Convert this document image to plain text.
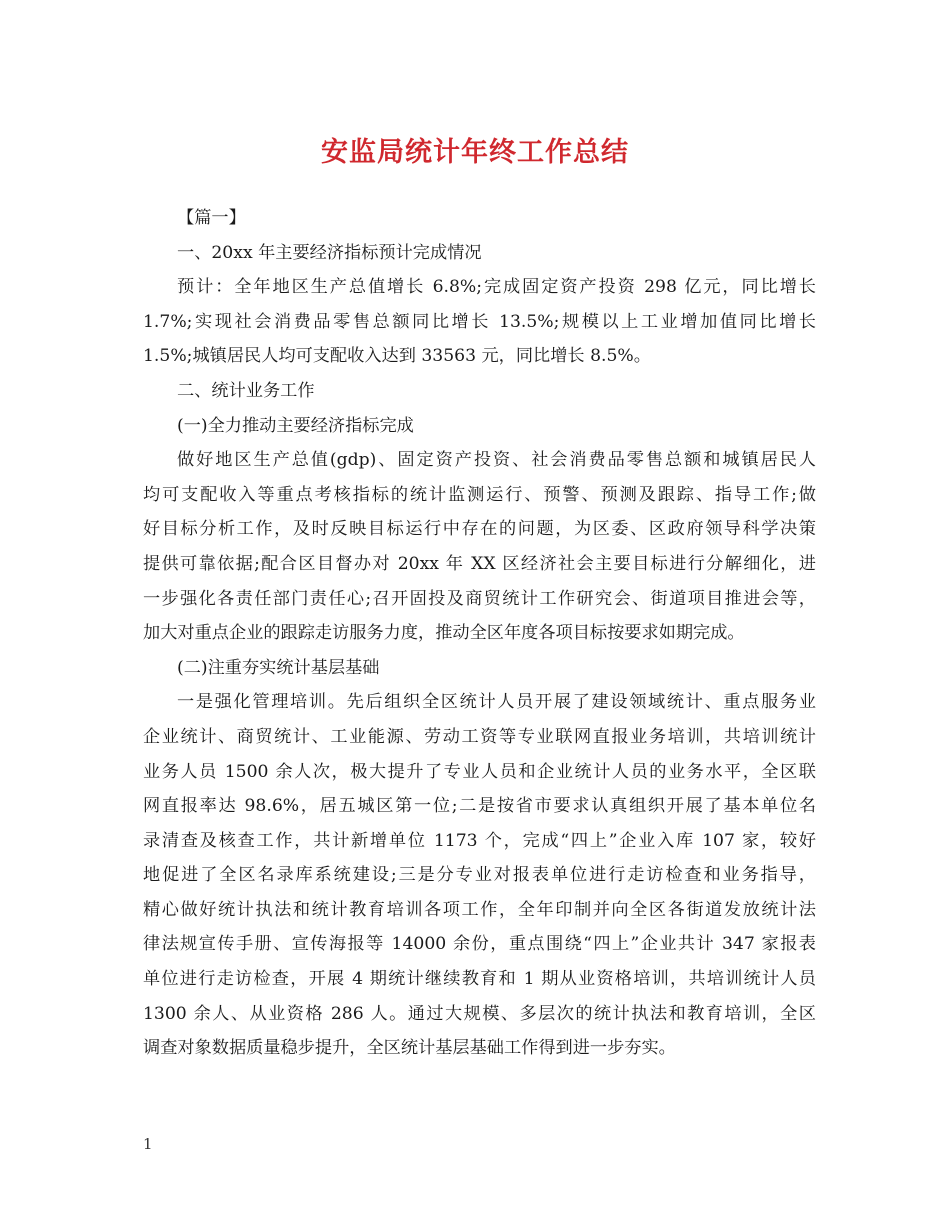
安监局统计年终工作总结
【篇一】
一、20xx 年主要经济指标预计完成情况
预计：全年地区生产总值增长 6.8%;完成固定资产投资 298 亿元，同比增长
1.7%;实现社会消费品零售总额同比增长 13.5%;规模以上工业增加值同比增长
1.5%;城镇居民人均可支配收入达到 33563 元，同比增长 8.5%。
二、统计业务工作
(一)全力推动主要经济指标完成
做好地区生产总值(gdp)、固定资产投资、社会消费品零售总额和城镇居民人
均可支配收入等重点考核指标的统计监测运行、预警、预测及跟踪、指导工作;做
好目标分析工作，及时反映目标运行中存在的问题，为区委、区政府领导科学决策
提供可靠依据;配合区目督办对 20xx 年 XX 区经济社会主要目标进行分解细化，进
一步强化各责任部门责任心;召开固投及商贸统计工作研究会、街道项目推进会等，
加大对重点企业的跟踪走访服务力度，推动全区年度各项目标按要求如期完成。
(二)注重夯实统计基层基础
一是强化管理培训。先后组织全区统计人员开展了建设领域统计、重点服务业
企业统计、商贸统计、工业能源、劳动工资等专业联网直报业务培训，共培训统计
业务人员 1500 余人次，极大提升了专业人员和企业统计人员的业务水平，全区联
网直报率达 98.6%，居五城区第一位;二是按省市要求认真组织开展了基本单位名
录清查及核查工作，共计新增单位 1173 个，完成“四上”企业入库 107 家，较好
地促进了全区名录库系统建设;三是分专业对报表单位进行走访检查和业务指导，
精心做好统计执法和统计教育培训各项工作，全年印制并向全区各街道发放统计法
律法规宣传手册、宣传海报等 14000 余份，重点围绕“四上”企业共计 347 家报表
单位进行走访检查，开展 4 期统计继续教育和 1 期从业资格培训，共培训统计人员
1300 余人、从业资格 286 人。通过大规模、多层次的统计执法和教育培训，全区
调查对象数据质量稳步提升，全区统计基层基础工作得到进一步夯实。
1
